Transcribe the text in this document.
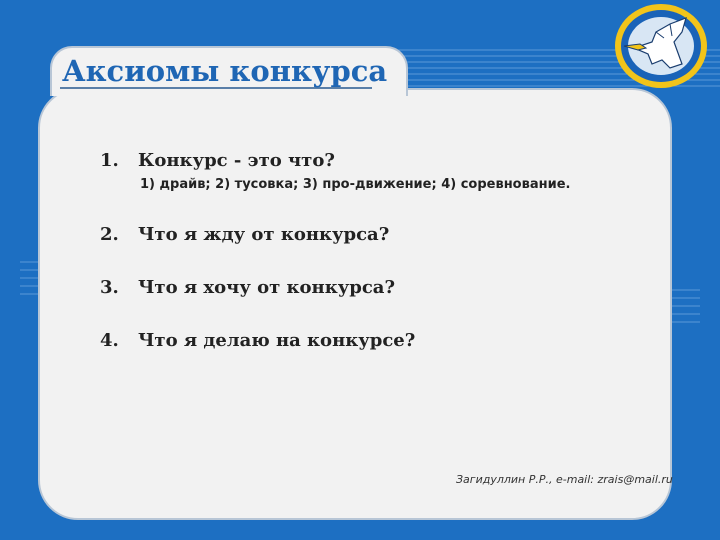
Аксиомы конкурса
1. Конкурс - это что?
1) драйв; 2) тусовка; 3) про-движение; 4) соревнование.
2. Что я жду от конкурса?
3. Что я хочу от конкурса?
4. Что я делаю на конкурсе?
Загидуллин Р.Р., e-mail: zrais@mail.ru
